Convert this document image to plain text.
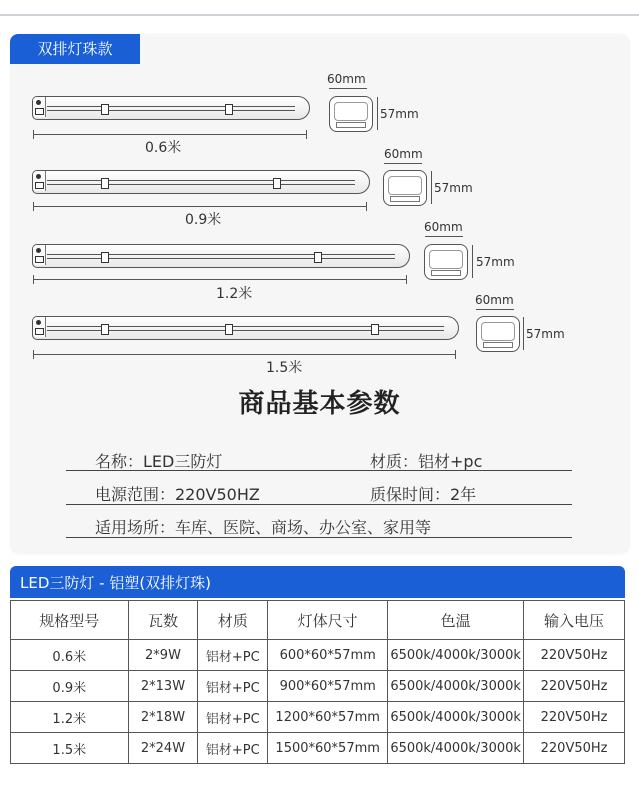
双排灯珠款
0.6米
60mm
57mm
0.9米
60mm
57mm
1.2米
60mm
57mm
1.5米
60mm
57mm
商品基本参数
名称：LED三防灯	材质：铝材+pc
电源范围：220V50HZ	质保时间：2年
适用场所：车库、医院、商场、办公室、家用等
LED三防灯 - 铝塑(双排灯珠)
规格型号	瓦数	材质	灯体尺寸	色温	输入电压
0.6米	2*9W	铝材+PC	600*60*57mm	6500k/4000k/3000k	220V50Hz
0.9米	2*13W	铝材+PC	900*60*57mm	6500k/4000k/3000k	220V50Hz
1.2米	2*18W	铝材+PC	1200*60*57mm	6500k/4000k/3000k	220V50Hz
1.5米	2*24W	铝材+PC	1500*60*57mm	6500k/4000k/3000k	220V50Hz
